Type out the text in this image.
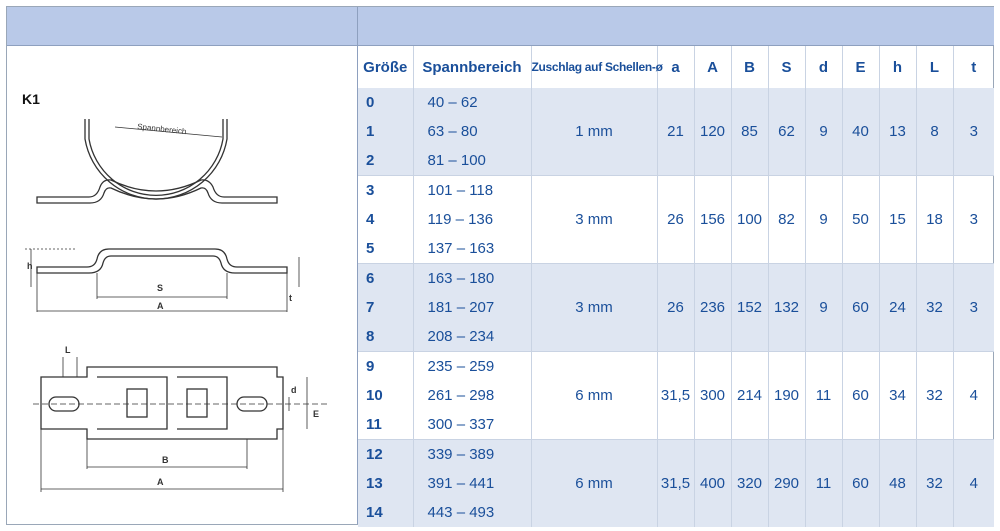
K1
Spannbereich
h
S
A
t
L
d
E
B
A
Größe	Spannbereich	Zuschlag auf Schellen-ø	a	A	B	S	d	E	h	L	t
0	40 – 62	1 mm	21	120	85	62	9	40	13	8	3
1	63 – 80										
2	81 – 100										
3	101 – 118	3 mm	26	156	100	82	9	50	15	18	3
4	119 – 136										
5	137 – 163										
6	163 – 180	3 mm	26	236	152	132	9	60	24	32	3
7	181 – 207										
8	208 – 234										
9	235 – 259	6 mm	31,5	300	214	190	11	60	34	32	4
10	261 – 298										
11	300 – 337										
12	339 – 389	6 mm	31,5	400	320	290	11	60	48	32	4
13	391 – 441										
14	443 – 493										
